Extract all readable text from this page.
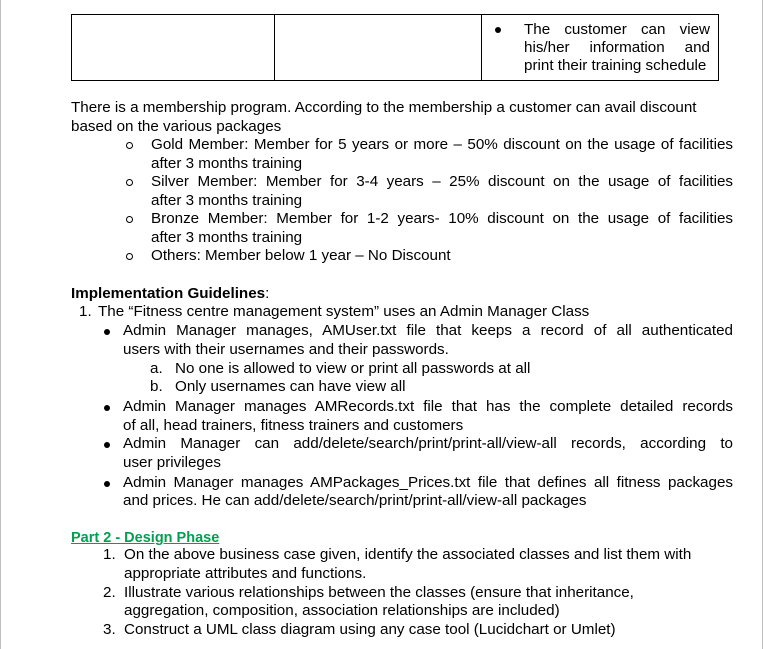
The customer can view
his/her information and
print their training schedule
There is a membership program. According to the membership a customer can avail discount
based on the various packages
Gold Member: Member for 5 years or more – 50% discount on the usage of facilities
after 3 months training
Silver Member: Member for 3-4 years – 25% discount on the usage of facilities
after 3 months training
Bronze Member: Member for 1-2 years- 10% discount on the usage of facilities
after 3 months training
Others: Member below 1 year – No Discount
Implementation Guidelines:
1. The “Fitness centre management system” uses an Admin Manager Class
Admin Manager manages, AMUser.txt file that keeps a record of all authenticated
users with their usernames and their passwords.
a. No one is allowed to view or print all passwords at all
b. Only usernames can have view all
Admin Manager manages AMRecords.txt file that has the complete detailed records
of all, head trainers, fitness trainers and customers
Admin Manager can add/delete/search/print/print-all/view-all records, according to
user privileges
Admin Manager manages AMPackages_Prices.txt file that defines all fitness packages
and prices. He can add/delete/search/print/print-all/view-all packages
Part 2 - Design Phase
1. On the above business case given, identify the associated classes and list them with
appropriate attributes and functions.
2. Illustrate various relationships between the classes (ensure that inheritance,
aggregation, composition, association relationships are included)
3. Construct a UML class diagram using any case tool (Lucidchart or Umlet)
